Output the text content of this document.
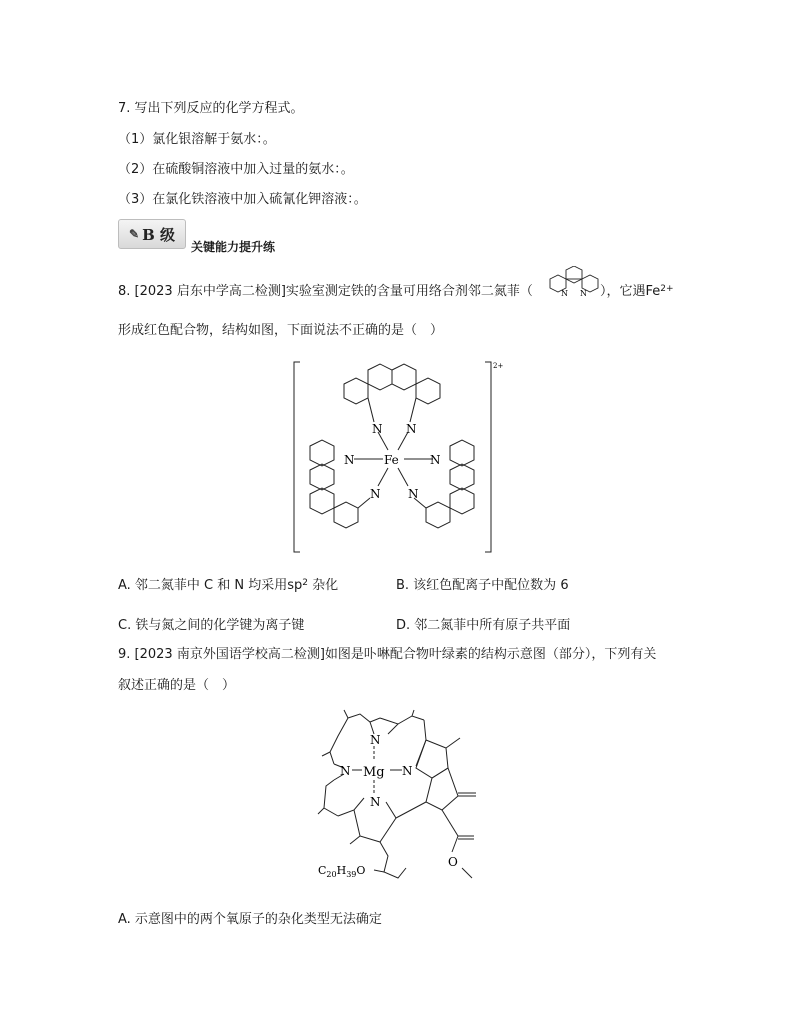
7. 写出下列反应的化学方程式。
（1）氯化银溶解于氨水：。
（2）在硫酸铜溶液中加入过量的氨水：。
（3）在氯化铁溶液中加入硫氰化钾溶液：。
✎ B 级
关键能力提升练
8. [2023 启东中学高二检测]实验室测定铁的含量可用络合剂邻二氮菲（	N N ），它遇$Fe^{2+}$
形成红色配合物，结构如图，下面说法不正确的是（　）
N N
N Fe	N
N N
2+
A. 邻二氮菲中 C 和 N 均采用$sp^2$ 杂化	B. 该红色配离子中配位数为 6
C. 铁与氮之间的化学键为离子键	D. 邻二氮菲中所有原子共平面
9. [2023 南京外国语学校高二检测]如图是卟啉配合物叶绿素的结构示意图（部分），下列有关
叙述正确的是（　）
N
N Mg N
N
$C_{20}H_{39}O$
O
A. 示意图中的两个氧原子的杂化类型无法确定
